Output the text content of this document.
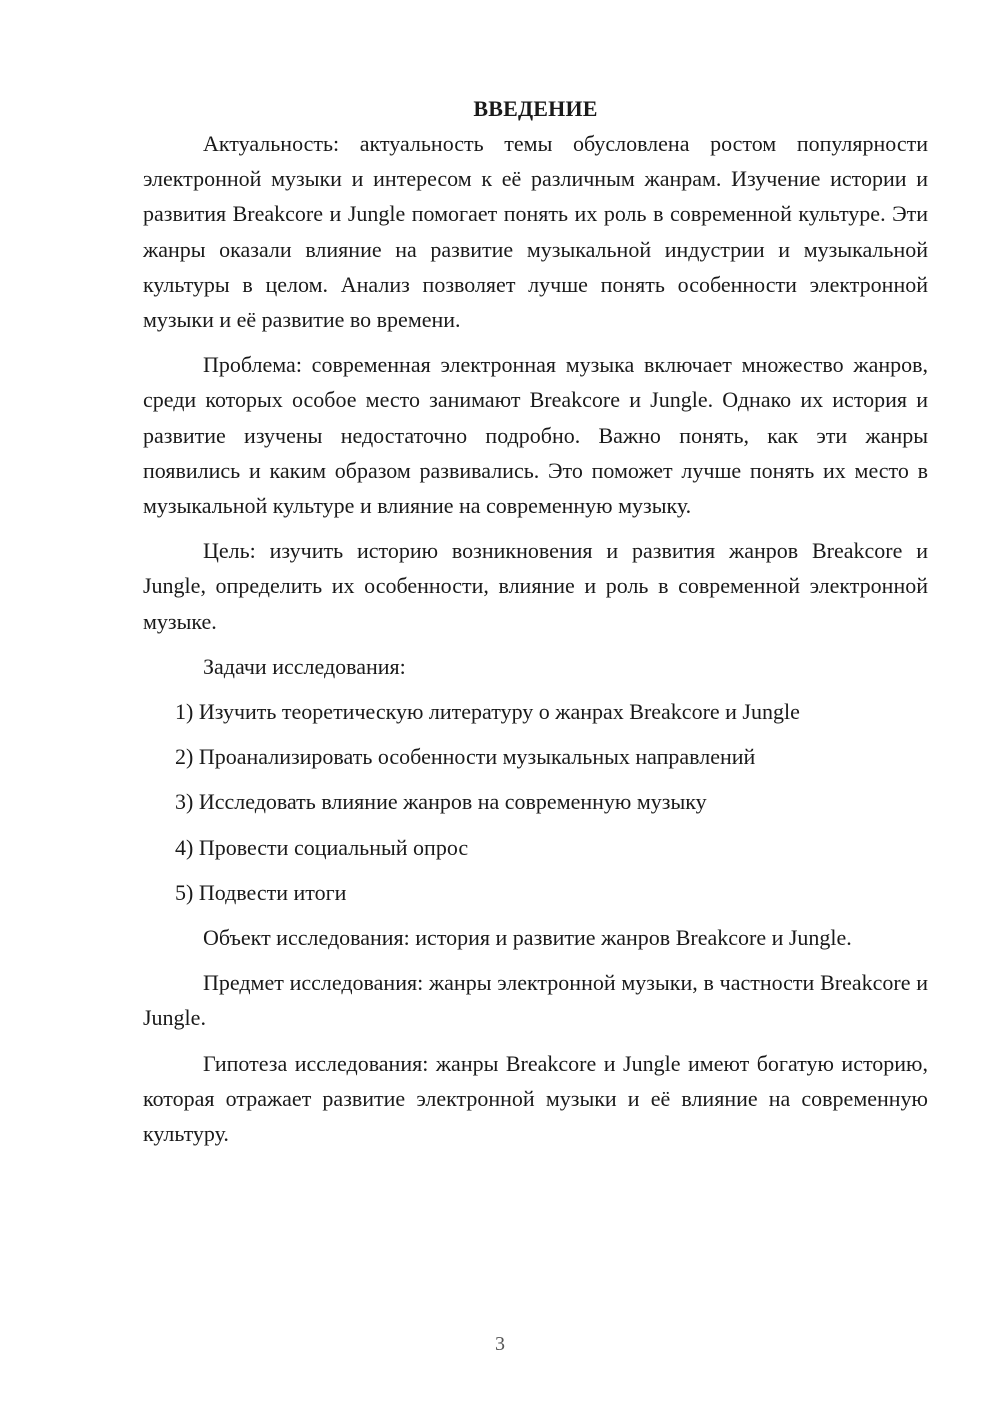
ВВЕДЕНИЕ

Актуальность: актуальность темы обусловлена ростом популярности электронной музыки и интересом к её различным жанрам. Изучение истории и развития Breakcore и Jungle помогает понять их роль в современной культуре. Эти жанры оказали влияние на развитие музыкальной индустрии и музыкальной культуры в целом. Анализ позволяет лучше понять особенности электронной музыки и её развитие во времени.

Проблема: современная электронная музыка включает множество жанров, среди которых особое место занимают Breakcore и Jungle. Однако их история и развитие изучены недостаточно подробно. Важно понять, как эти жанры появились и каким образом развивались. Это поможет лучше понять их место в музыкальной культуре и влияние на современную музыку.

Цель: изучить историю возникновения и развития жанров Breakcore и Jungle, определить их особенности, влияние и роль в современной электронной музыке.

Задачи исследования:

1) Изучить теоретическую литературу о жанрах Breakcore и Jungle

2) Проанализировать особенности музыкальных направлений

3) Исследовать влияние жанров на современную музыку

4) Провести социальный опрос

5) Подвести итоги

Объект исследования: история и развитие жанров Breakcore и Jungle.

Предмет исследования: жанры электронной музыки, в частности Breakcore и Jungle.

Гипотеза исследования: жанры Breakcore и Jungle имеют богатую историю, которая отражает развитие электронной музыки и её влияние на современную культуру.

3
